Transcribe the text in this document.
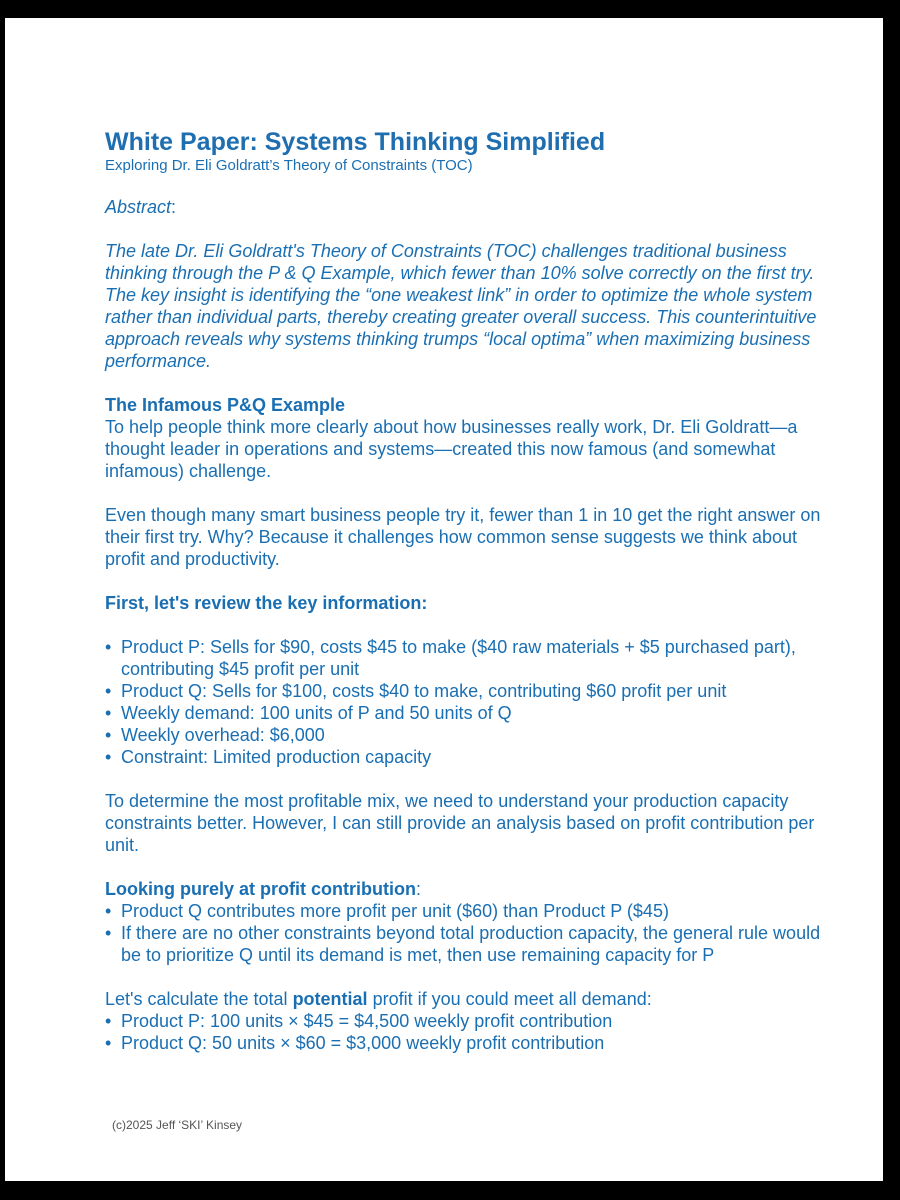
White Paper: Systems Thinking Simplified
Exploring Dr. Eli Goldratt’s Theory of Constraints (TOC)
Abstract:

The late Dr. Eli Goldratt's Theory of Constraints (TOC) challenges traditional business thinking through the P & Q Example, which fewer than 10% solve correctly on the first try. The key insight is identifying the “one weakest link” in order to optimize the whole system rather than individual parts, thereby creating greater overall success. This counterintuitive approach reveals why systems thinking trumps “local optima” when maximizing business performance.

The Infamous P&Q Example

To help people think more clearly about how businesses really work, Dr. Eli Goldratt—a thought leader in operations and systems—created this now famous (and somewhat infamous) challenge.

Even though many smart business people try it, fewer than 1 in 10 get the right answer on their first try. Why? Because it challenges how common sense suggests we think about profit and productivity.

First, let's review the key information:
• Product P: Sells for $90, costs $45 to make ($40 raw materials + $5 purchased part), contributing $45 profit per unit
• Product Q: Sells for $100, costs $40 to make, contributing $60 profit per unit
• Weekly demand: 100 units of P and 50 units of Q
• Weekly overhead: $6,000
• Constraint: Limited production capacity

To determine the most profitable mix, we need to understand your production capacity constraints better. However, I can still provide an analysis based on profit contribution per unit.

Looking purely at profit contribution:
• Product Q contributes more profit per unit ($60) than Product P ($45)
• If there are no other constraints beyond total production capacity, the general rule would be to prioritize Q until its demand is met, then use remaining capacity for P

Let's calculate the total potential profit if you could meet all demand:

• Product P: 100 units × $45 = $4,500 weekly profit contribution
• Product Q: 50 units × $60 = $3,000 weekly profit contribution
(c)2025 Jeff ‘SKI’ Kinsey
